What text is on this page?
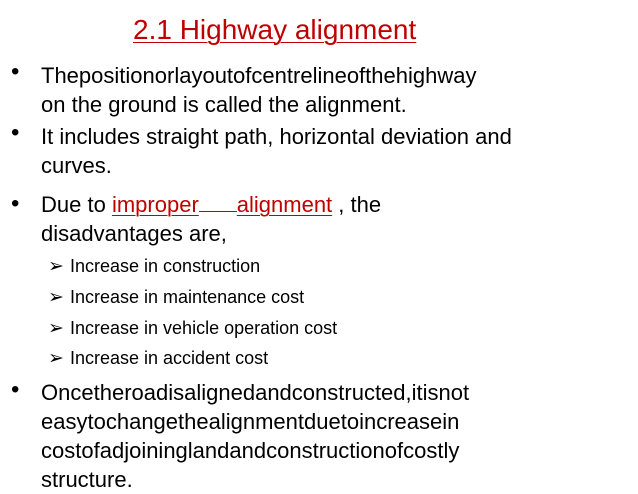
2.1 Highway alignment
• Thepositionorlayoutofcentrelineofthehighway
on the ground is called the alignment.
• It includes straight path, horizontal deviation and
curves.
• Due to improper alignment , the
disadvantages are,
➢ Increase in construction
➢ Increase in maintenance cost
➢ Increase in vehicle operation cost
➢ Increase in accident cost
• Oncetheroadisalignedandconstructed,itisnot
easytochangethealignmentduetoincreasein
costofadjoininglandandconstructionofcostly
structure.
